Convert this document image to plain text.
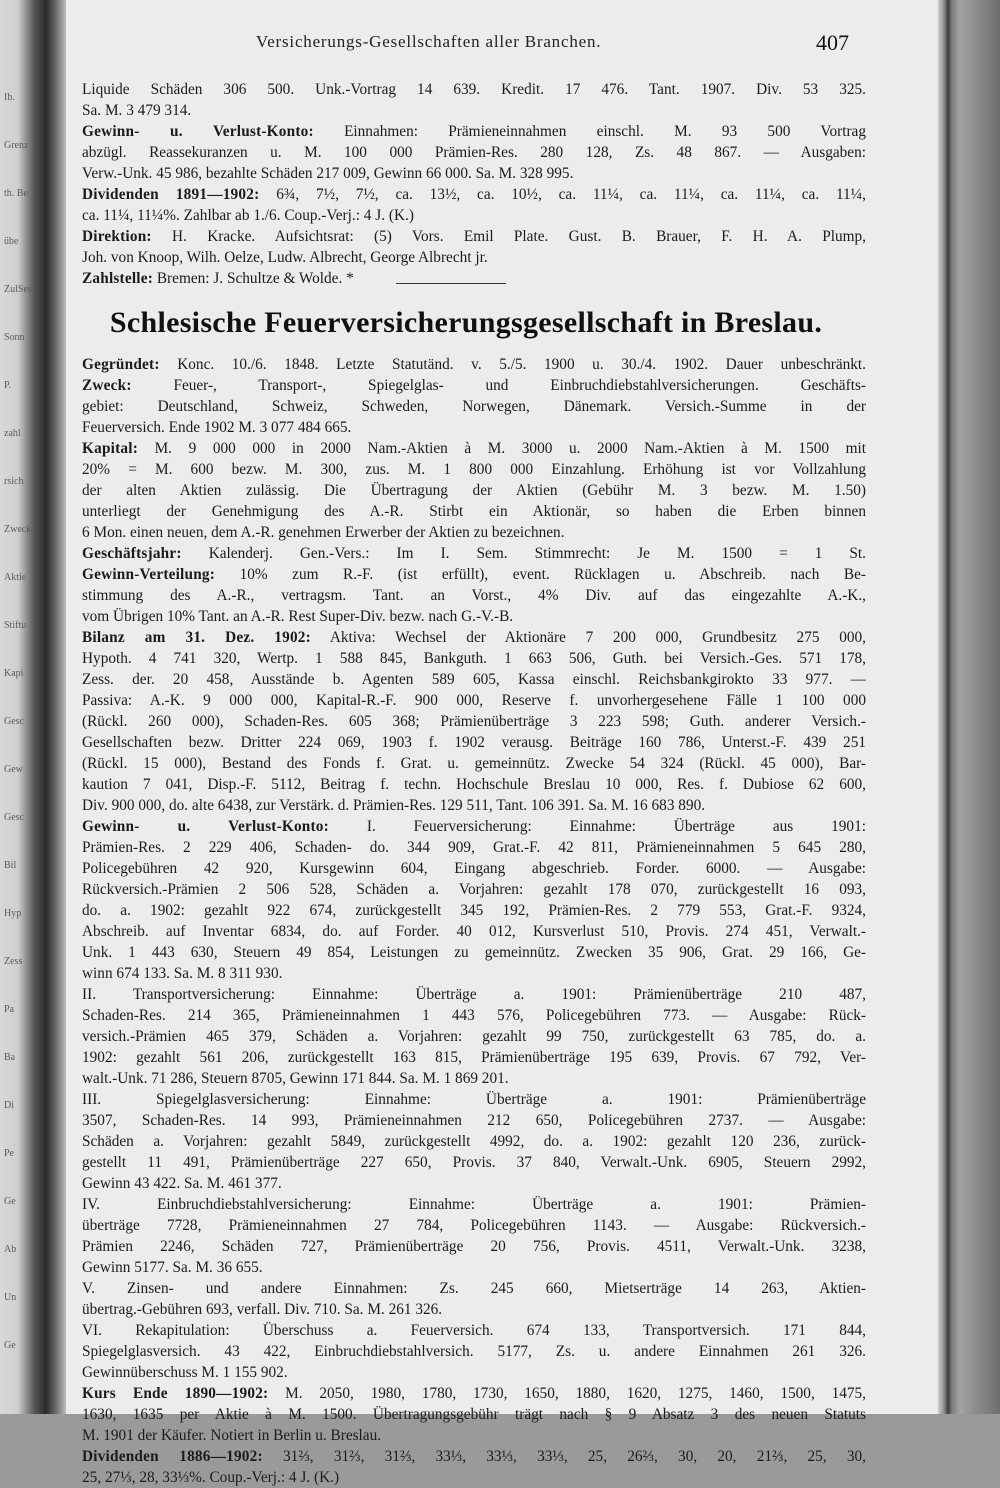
Ib.
Grenz
th. Be
übe
ZulSes
Sonn
P.
zahl
rsich
Zweck
Aktie
Stiftu
Kapi
Gesc
Gew
Gesc
Bil
Hyp
Zess
Pa
Ba
Di
Pe
Ge
Ab
Un
Ge
Versicherungs-Gesellschaften aller Branchen.	407
Liquide Schäden 306 500. Unk.-Vortrag 14 639. Kredit. 17 476. Tant. 1907. Div. 53 325.
Sa. M. 3 479 314.
Gewinn- u. Verlust-Konto: Einnahmen: Prämieneinnahmen einschl. M. 93 500 Vortrag
abzügl. Reassekuranzen u. M. 100 000 Prämien-Res. 280 128, Zs. 48 867. — Ausgaben:
Verw.-Unk. 45 986, bezahlte Schäden 217 009, Gewinn 66 000. Sa. M. 328 995.
Dividenden 1891—1902: 6¾, 7½, 7½, ca. 13½, ca. 10½, ca. 11¼, ca. 11¼, ca. 11¼, ca. 11¼,
ca. 11¼, 11¼%. Zahlbar ab 1./6. Coup.-Verj.: 4 J. (K.)
Direktion: H. Kracke. Aufsichtsrat: (5) Vors. Emil Plate. Gust. B. Brauer, F. H. A. Plump,
Joh. von Knoop, Wilh. Oelze, Ludw. Albrecht, George Albrecht jr.
Zahlstelle: Bremen: J. Schultze & Wolde. *
Schlesische Feuerversicherungsgesellschaft in Breslau.
Gegründet: Konc. 10./6. 1848. Letzte Statutänd. v. 5./5. 1900 u. 30./4. 1902. Dauer unbeschränkt.
Zweck: Feuer-, Transport-, Spiegelglas- und Einbruchdiebstahlversicherungen. Geschäfts-
gebiet: Deutschland, Schweiz, Schweden, Norwegen, Dänemark. Versich.-Summe in der
Feuerversich. Ende 1902 M. 3 077 484 665.
Kapital: M. 9 000 000 in 2000 Nam.-Aktien à M. 3000 u. 2000 Nam.-Aktien à M. 1500 mit
20% = M. 600 bezw. M. 300, zus. M. 1 800 000 Einzahlung. Erhöhung ist vor Vollzahlung
der alten Aktien zulässig. Die Übertragung der Aktien (Gebühr M. 3 bezw. M. 1.50)
unterliegt der Genehmigung des A.-R. Stirbt ein Aktionär, so haben die Erben binnen
6 Mon. einen neuen, dem A.-R. genehmen Erwerber der Aktien zu bezeichnen.
Geschäftsjahr: Kalenderj. Gen.-Vers.: Im I. Sem. Stimmrecht: Je M. 1500 = 1 St.
Gewinn-Verteilung: 10% zum R.-F. (ist erfüllt), event. Rücklagen u. Abschreib. nach Be-
stimmung des A.-R., vertragsm. Tant. an Vorst., 4% Div. auf das eingezahlte A.-K.,
vom Übrigen 10% Tant. an A.-R. Rest Super-Div. bezw. nach G.-V.-B.
Bilanz am 31. Dez. 1902: Aktiva: Wechsel der Aktionäre 7 200 000, Grundbesitz 275 000,
Hypoth. 4 741 320, Wertp. 1 588 845, Bankguth. 1 663 506, Guth. bei Versich.-Ges. 571 178,
Zess. der. 20 458, Ausstände b. Agenten 589 605, Kassa einschl. Reichsbankgirokto 33 977. —
Passiva: A.-K. 9 000 000, Kapital-R.-F. 900 000, Reserve f. unvorhergesehene Fälle 1 100 000
(Rückl. 260 000), Schaden-Res. 605 368; Prämienüberträge 3 223 598; Guth. anderer Versich.-
Gesellschaften bezw. Dritter 224 069, 1903 f. 1902 verausg. Beiträge 160 786, Unterst.-F. 439 251
(Rückl. 15 000), Bestand des Fonds f. Grat. u. gemeinnütz. Zwecke 54 324 (Rückl. 45 000), Bar-
kaution 7 041, Disp.-F. 5112, Beitrag f. techn. Hochschule Breslau 10 000, Res. f. Dubiose 62 600,
Div. 900 000, do. alte 6438, zur Verstärk. d. Prämien-Res. 129 511, Tant. 106 391. Sa. M. 16 683 890.
Gewinn- u. Verlust-Konto: I. Feuerversicherung: Einnahme: Überträge aus 1901:
Prämien-Res. 2 229 406, Schaden- do. 344 909, Grat.-F. 42 811, Prämieneinnahmen 5 645 280,
Policegebühren 42 920, Kursgewinn 604, Eingang abgeschrieb. Forder. 6000. — Ausgabe:
Rückversich.-Prämien 2 506 528, Schäden a. Vorjahren: gezahlt 178 070, zurückgestellt 16 093,
do. a. 1902: gezahlt 922 674, zurückgestellt 345 192, Prämien-Res. 2 779 553, Grat.-F. 9324,
Abschreib. auf Inventar 6834, do. auf Forder. 40 012, Kursverlust 510, Provis. 274 451, Verwalt.-
Unk. 1 443 630, Steuern 49 854, Leistungen zu gemeinnütz. Zwecken 35 906, Grat. 29 166, Ge-
winn 674 133. Sa. M. 8 311 930.
II. Transportversicherung: Einnahme: Überträge a. 1901: Prämienüberträge 210 487,
Schaden-Res. 214 365, Prämieneinnahmen 1 443 576, Policegebühren 773. — Ausgabe: Rück-
versich.-Prämien 465 379, Schäden a. Vorjahren: gezahlt 99 750, zurückgestellt 63 785, do. a.
1902: gezahlt 561 206, zurückgestellt 163 815, Prämienüberträge 195 639, Provis. 67 792, Ver-
walt.-Unk. 71 286, Steuern 8705, Gewinn 171 844. Sa. M. 1 869 201.
III. Spiegelglasversicherung: Einnahme: Überträge a. 1901: Prämienüberträge
3507, Schaden-Res. 14 993, Prämieneinnahmen 212 650, Policegebühren 2737. — Ausgabe:
Schäden a. Vorjahren: gezahlt 5849, zurückgestellt 4992, do. a. 1902: gezahlt 120 236, zurück-
gestellt 11 491, Prämienüberträge 227 650, Provis. 37 840, Verwalt.-Unk. 6905, Steuern 2992,
Gewinn 43 422. Sa. M. 461 377.
IV. Einbruchdiebstahlversicherung: Einnahme: Überträge a. 1901: Prämien-
überträge 7728, Prämieneinnahmen 27 784, Policegebühren 1143. — Ausgabe: Rückversich.-
Prämien 2246, Schäden 727, Prämienüberträge 20 756, Provis. 4511, Verwalt.-Unk. 3238,
Gewinn 5177. Sa. M. 36 655.
V. Zinsen- und andere Einnahmen: Zs. 245 660, Mietserträge 14 263, Aktien-
übertrag.-Gebühren 693, verfall. Div. 710. Sa. M. 261 326.
VI. Rekapitulation: Überschuss a. Feuerversich. 674 133, Transportversich. 171 844,
Spiegelglasversich. 43 422, Einbruchdiebstahlversich. 5177, Zs. u. andere Einnahmen 261 326.
Gewinnüberschuss M. 1 155 902.
Kurs Ende 1890—1902: M. 2050, 1980, 1780, 1730, 1650, 1880, 1620, 1275, 1460, 1500, 1475,
1630, 1635 per Aktie à M. 1500. Übertragungsgebühr trägt nach § 9 Absatz 3 des neuen Statuts
M. 1901 der Käufer. Notiert in Berlin u. Breslau.
Dividenden 1886—1902: 31⅔, 31⅔, 31⅔, 33⅓, 33⅓, 33⅓, 25, 26⅔, 30, 20, 21⅔, 25, 30,
25, 27⅓, 28, 33⅓%. Coup.-Verj.: 4 J. (K.)
